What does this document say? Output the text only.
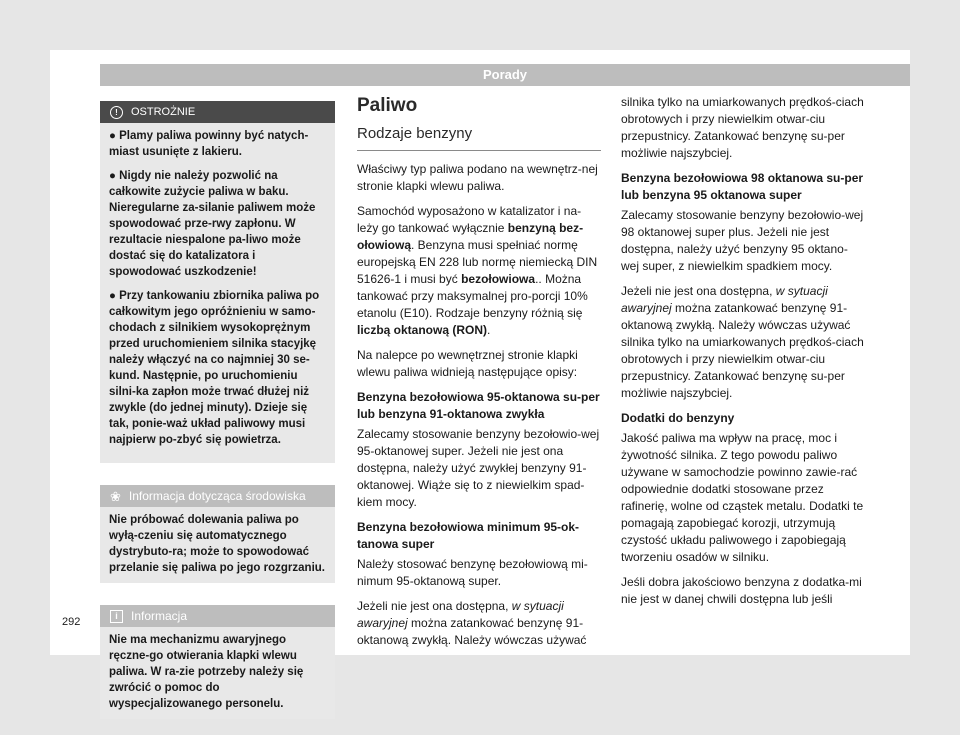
Porady
!	OSTROŻNIE

● Plamy paliwa powinny być natych-miast usunięte z lakieru.

● Nigdy nie należy pozwolić na całkowite zużycie paliwa w baku. Nieregularne za-silanie paliwem może spowodować prze-rwy zapłonu. W rezultacie niespalone pa-liwo może dostać się do katalizatora i spowodować uszkodzenie!

● Przy tankowaniu zbiornika paliwa po całkowitym jego opróżnieniu w samo-chodach z silnikiem wysokoprężnym przed uruchomieniem silnika stacyjkę należy włączyć na co najmniej 30 se-kund. Następnie, po uruchomieniu silni-ka zapłon może trwać dłużej niż zwykle (do jednej minuty). Dzieje się tak, ponie-waż układ paliwowy musi najpierw po-zbyć się powietrza.

❀ Informacja dotycząca środowiska
Nie próbować dolewania paliwa po wyłą-czeniu się automatycznego dystrybuto-ra; może to spowodować przelanie się paliwa po jego rozgrzaniu.
i	Informacja
Nie ma mechanizmu awaryjnego ręczne-go otwierania klapki wlewu paliwa. W ra-zie potrzeby należy się zwrócić o pomoc do wyspecjalizowanego personelu.
Paliwo
Rodzaje benzyny

Właściwy typ paliwa podano na wewnętrz-nej stronie klapki wlewu paliwa.

Samochód wyposażono w katalizator i na-leży go tankować wyłącznie benzyną bez-ołowiową. Benzyna musi spełniać normę europejską EN 228 lub normę niemiecką DIN 51626-1 i musi być bezołowiowa.. Można tankować przy maksymalnej pro-porcji 10% etanolu (E10). Rodzaje benzyny różnią się liczbą oktanową (RON).

Na nalepce po wewnętrznej stronie klapki wlewu paliwa widnieją następujące opisy:

Benzyna bezołowiowa 95-oktanowa su-per lub benzyna 91-oktanowa zwykła

Zalecamy stosowanie benzyny bezołowio-wej 95-oktanowej super. Jeżeli nie jest ona dostępna, należy użyć zwykłej benzyny 91-oktanowej. Wiąże się to z niewielkim spad-kiem mocy.

Benzyna bezołowiowa minimum 95-ok-tanowa super

Należy stosować benzynę bezołowiową mi-nimum 95-oktanową super.

Jeżeli nie jest ona dostępna, w sytuacji awaryjnej można zatankować benzynę 91-oktanową zwykłą. Należy wówczas używać

silnika tylko na umiarkowanych prędkoś-ciach obrotowych i przy niewielkim otwar-ciu przepustnicy. Zatankować benzynę su-per możliwie najszybciej.

Benzyna bezołowiowa 98 oktanowa su-per lub benzyna 95 oktanowa super

Zalecamy stosowanie benzyny bezołowio-wej 98 oktanowej super plus. Jeżeli nie jest dostępna, należy użyć benzyny 95 oktano-wej super, z niewielkim spadkiem mocy.

Jeżeli nie jest ona dostępna, w sytuacji awaryjnej można zatankować benzynę 91-oktanową zwykłą. Należy wówczas używać silnika tylko na umiarkowanych prędkoś-ciach obrotowych i przy niewielkim otwar-ciu przepustnicy. Zatankować benzynę su-per możliwie najszybciej.

Dodatki do benzyny

Jakość paliwa ma wpływ na pracę, moc i żywotność silnika. Z tego powodu paliwo używane w samochodzie powinno zawie-rać odpowiednie dodatki stosowane przez rafinerię, wolne od cząstek metalu. Dodatki te pomagają zapobiegać korozji, utrzymują czystość układu paliwowego i zapobiegają tworzeniu osadów w silniku.

Jeśli dobra jakościowo benzyna z dodatka-mi nie jest w danej chwili dostępna lub jeśli

292
